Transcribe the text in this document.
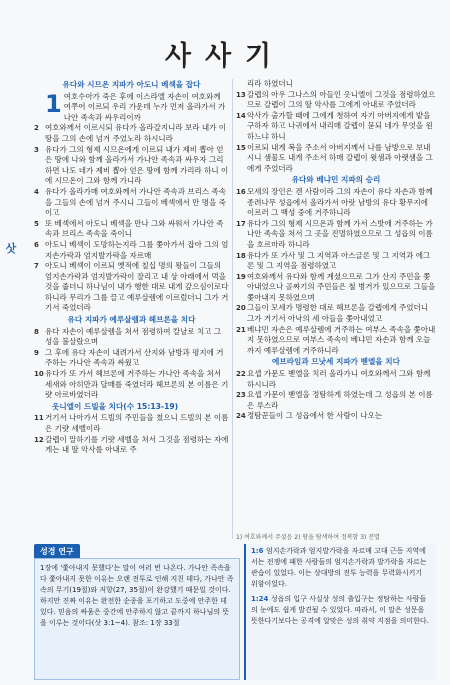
사사기
삿
유다와 시므온 지파가 아도니 베섹을 잡다
1 여호수아가 죽은 후에 이스라엘 자손이 여호와께 여쭈어 이르되 우리 가운데 누가 먼저 올라가서 가나안 족속과 싸우리이까
2 여호와께서 이르시되 유다가 올라갈지니라 보라 내가 이 땅을 그의 손에 넘겨 주었노라 하시니라
3 유다가 그의 형제 시므온에게 이르되 내가 제비 뽑아 얻은 땅에 나와 함께 올라가서 가나안 족속과 싸우자 그리하면 나도 네가 제비 뽑아 얻은 땅에 함께 가리라 하니 이에 시므온이 그와 함께 가니라
4 유다가 올라가매 여호와께서 가나안 족속과 브리스 족속을 그들의 손에 넘겨 주시니 그들이 베섹에서 만 명을 죽이고
5 또 베섹에서 아도니 베섹을 만나 그와 싸워서 가나안 족속과 브리스 족속을 죽이니
6 아도니 베섹이 도망하는지라 그를 쫓아가서 잡아 그의 엄지손가락과 엄지발가락을 자르매
7 아도니 베섹이 이르되 옛적에 칠십 명의 왕들이 그들의 엄지손가락과 엄지발가락이 잘리고 내 상 아래에서 먹을 것을 줍더니 하나님이 내가 행한 대로 내게 갚으심이로다 하니라 무리가 그를 끌고 예루살렘에 이르렀더니 그가 거기서 죽었더라
유다 지파가 예루살렘과 헤브론을 치다
8 유다 자손이 예루살렘을 쳐서 점령하여 칼날로 치고 그 성을 불살랐으며
9 그 후에 유다 자손이 내려가서 산지와 남방과 평지에 거주하는 가나안 족속과 싸웠고
10 유다가 또 가서 헤브론에 거주하는 가나안 족속을 쳐서 세새와 아히만과 달매를 죽였더라 헤브론의 본 이름은 기럇 아르바였더라
옷니엘이 드빌을 치다(수 15:13-19)
11 거기서 나아가서 드빌의 주민들을 쳤으니 드빌의 본 이름은 기럇 세벨이라
12 갈렙이 말하기를 기럇 세벨을 쳐서 그것을 점령하는 자에게는 내 딸 악사를 아내로 주
리라 하였더니
13 갈렙의 아우 그나스의 아들인 옷니엘이 그것을 점령하였으므로 갈렙이 그의 딸 악사를 그에게 아내로 주었더라
14 악사가 출가할 때에 그에게 청하여 자기 아버지에게 밭을 구하자 하고 나귀에서 내리매 갈렙이 묻되 네가 무엇을 원하느냐 하니
15 이르되 내게 복을 주소서 아버지께서 나를 남방으로 보내시니 샘물도 내게 주소서 하매 갈렙이 윗샘과 아랫샘을 그에게 주었더라
유다와 베냐민 지파의 승리
16 모세의 장인은 겐 사람이라 그의 자손이 유다 자손과 함께 종려나무 성읍에서 올라가서 아랏 남방의 유다 황무지에 이르러 그 백성 중에 거주하니라
17 유다가 그의 형제 시므온과 함께 가서 스밧에 거주하는 가나안 족속을 쳐서 그 곳을 진멸하였으므로 그 성읍의 이름을 호르마라 하니라
18 유다가 또 가사 및 그 지역과 아스글론 및 그 지역과 에그론 및 그 지역을 점령하였고
19 여호와께서 유다와 함께 계셨으므로 그가 산지 주민을 쫓아내었으나 골짜기의 주민들은 철 병거가 있으므로 그들을 쫓아내지 못하였으며
20 그들이 모세가 명령한 대로 헤브론을 갈렙에게 주었더니 그가 거기서 아낙의 세 아들을 쫓아내었고
21 베냐민 자손은 예루살렘에 거주하는 여부스 족속을 쫓아내지 못하였으므로 여부스 족속이 베냐민 자손과 함께 오늘까지 예루살렘에 거주하니라
에브라임과 므낫세 지파가 벧엘을 치다
22 요셉 가문도 벧엘을 치러 올라가니 여호와께서 그와 함께 하시니라
23 요셉 가문이 벧엘을 정탐하게 하였는데 그 성읍의 본 이름은 루스라
24 정탐꾼들이 그 성읍에서 한 사람이 나오는
1) 여호와께서 주셨음 2) 땅을 탐색하여 정복함 3) 전멸
성경 연구
1장에 '쫓아내지 못했다'는 말이 여러 번 나온다. 가나안 족속을 다 쫓아내지 못한 이유는 오랜 전투로 인해 지친 데다, 가나안 족속의 무기(19절)와 저항(27, 35절)이 완강했기 때문일 것이다. 하지만 진짜 이유는 완전한 순종을 포기하고 도중에 안주한 데 있다. 믿음의 싸움은 중간에 안주하지 않고 끝까지 하나님의 뜻을 이루는 것이다(삿 3:1~4). 참조: 1장 33절

1:6 엄지손가락과 엄지발가락을 자르매 고대 근동 지역에서는 전쟁에 패한 사람들의 엄지손가락과 발가락을 자르는 관습이 있었다. 이는 상대방의 전투 능력을 무력화시키기 위함이었다.

1:24 성읍의 입구 사실상 성의 출입구는 정탐하는 사람들의 눈에도 쉽게 발견될 수 있었다. 따라서, 이 말은 성문을 뜻한다기보다는 공격에 알맞은 성의 취약 지점을 의미한다.
